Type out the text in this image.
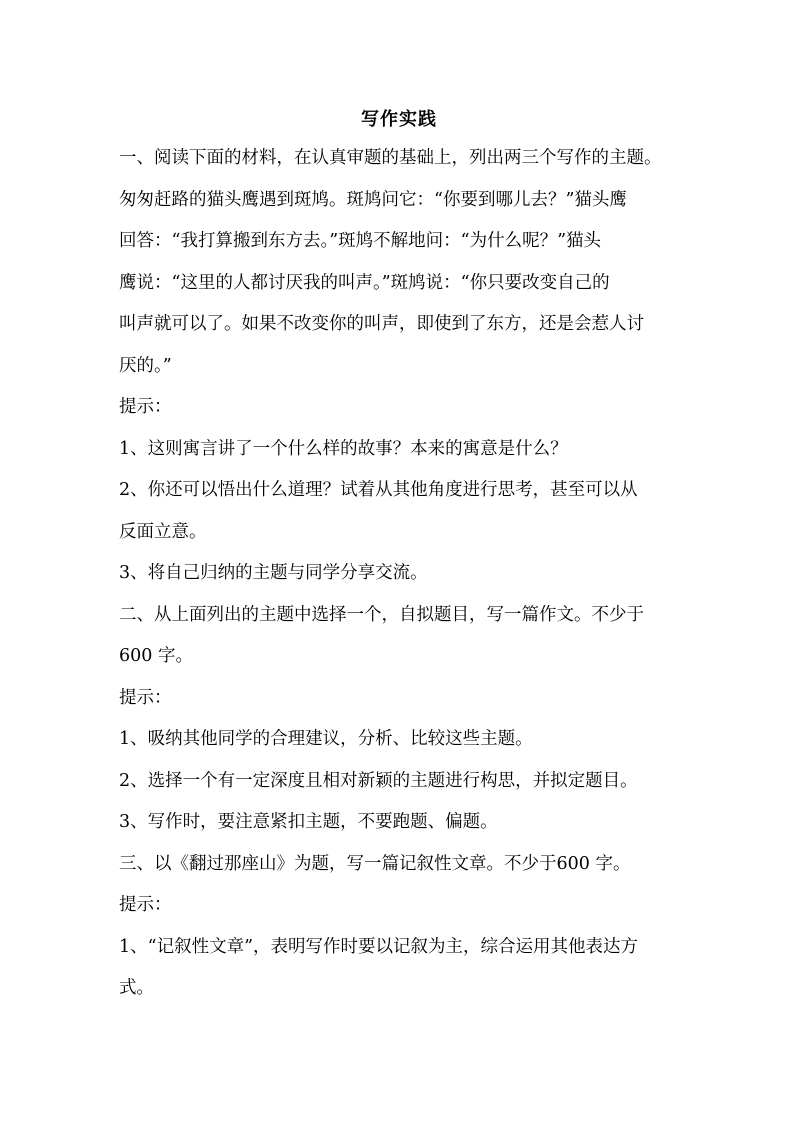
写作实践
一、阅读下面的材料，在认真审题的基础上，列出两三个写作的主题。
匆匆赶路的猫头鹰遇到斑鸠。斑鸠问它：“你要到哪儿去？”猫头鹰
回答：“我打算搬到东方去。”斑鸠不解地问：“为什么呢？”猫头
鹰说：“这里的人都讨厌我的叫声。”斑鸠说：“你只要改变自己的
叫声就可以了。如果不改变你的叫声，即使到了东方，还是会惹人讨
厌的。”
提示：
1、这则寓言讲了一个什么样的故事？本来的寓意是什么？
2、你还可以悟出什么道理？试着从其他角度进行思考，甚至可以从
反面立意。
3、将自己归纳的主题与同学分享交流。
二、从上面列出的主题中选择一个，自拟题目，写一篇作文。不少于
600 字。
提示：
1、吸纳其他同学的合理建议，分析、比较这些主题。
2、选择一个有一定深度且相对新颖的主题进行构思，并拟定题目。
3、写作时，要注意紧扣主题，不要跑题、偏题。
三、以《翻过那座山》为题，写一篇记叙性文章。不少于600 字。
提示：
1、“记叙性文章”，表明写作时要以记叙为主，综合运用其他表达方
式。
